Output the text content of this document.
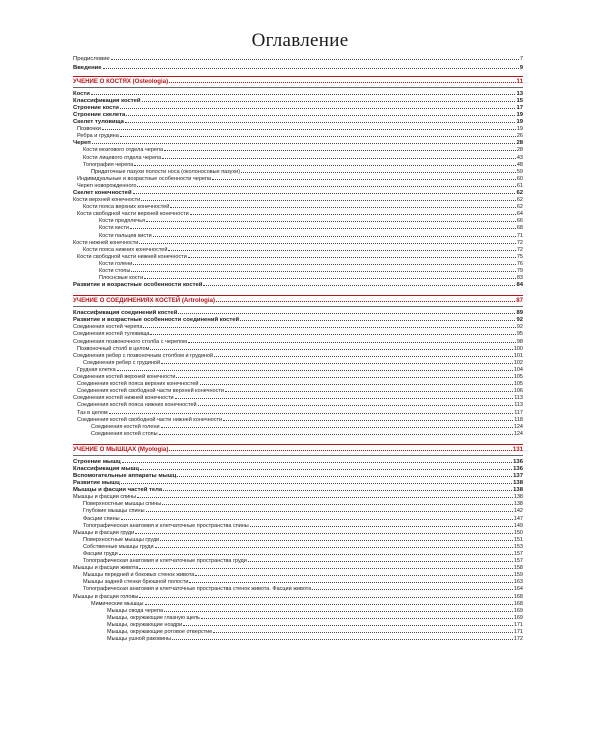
Оглавление
Предисловие	7
Введение	9
УЧЕНИЕ О КОСТЯХ (Osteologia)	11
Кости	13
Классификация костей	15
Строение кости	17
Строение скелета	19
Скелет туловища	19
Позвонки	19
Ребра и грудина	26
Череп	28
Кости мозгового отдела черепа	28
Кости лицевого отдела черепа	43
Топография черепа	48
Придаточные пазухи полости носа (околоносовые пазухи)	59
Индивидуальные и возрастные особенности черепа	60
Череп новорожденного	61
Скелет конечностей	62
Кости верхней конечности	62
Кости пояса верхних конечностей	62
Кости свободной части верхней конечности	64
Кости предплечья	66
Кости кисти	68
Кости пальцев кисти	71
Кости нижней конечности	72
Кости пояса нижних конечностей	72
Кости свободной части нижней конечности	75
Кости голени	76
Кости стопы	79
Плоснсвые кости	83
Развитие и возрастные особенности костей	84
УЧЕНИЕ О СОЕДИНЕНИЯХ КОСТЕЙ (Artrologia)	87
Классификация соединений костей	89
Развитие и возрастные особенности соединений костей	92
Соединения костей черепа	92
Соединения костей туловища	95
Соединения позвоночного столба с черепом	98
Позвоночный столб в целом	100
Соединения ребер с позвоночным столбом и грудиной	101
Соединения ребер с грудиной	102
Грудная клетка	104
Соединения костей верхней конечности	105
Соединения костей пояса верхних конечностей	105
Соединения костей свободной части верхней конечности	106
Соединения костей нижней конечности	113
Соединения костей пояса нижних конечностей	113
Таз в целом	117
Соединения костей свободной части нижней конечности	118
Соединения костей голени	124
Соединения костей стопы	124
УЧЕНИЕ О МЫШЦАХ (Myologia)	131
Строение мышц	136
Классификация мышц	136
Вспомогательные аппараты мышц	137
Развитие мышц	138
Мышцы и фасции частей тела	138
Мышцы и фасции спины	138
Поверхностные мышцы спины	138
Глубокие мышцы спины	142
Фасции спины	147
Топографическая анатомия и клетчаточные пространства спины	149
Мышцы и фасции груди	150
Поверхностные мышцы груди	151
Собственные мышцы груди	153
Фасции груди	157
Топографическая анатомия и клетчаточные пространства груди	157
Мышцы и фасции живота	158
Мышцы передней и боковых стенок живота	159
Мышцы задней стенки брюшной полости	163
Топографическая анатомия и клетчаточные пространства стенок живота. Фасции живота	164
Мышцы и фасции головы	168
Мимические мышцы	168
Мышцы свода черепа	169
Мышцы, окружающие глазную щель	169
Мышцы, окружающие ноздри	171
Мышцы, окружающие ротовое отверстие	171
Мышцы ушной раковины	172
